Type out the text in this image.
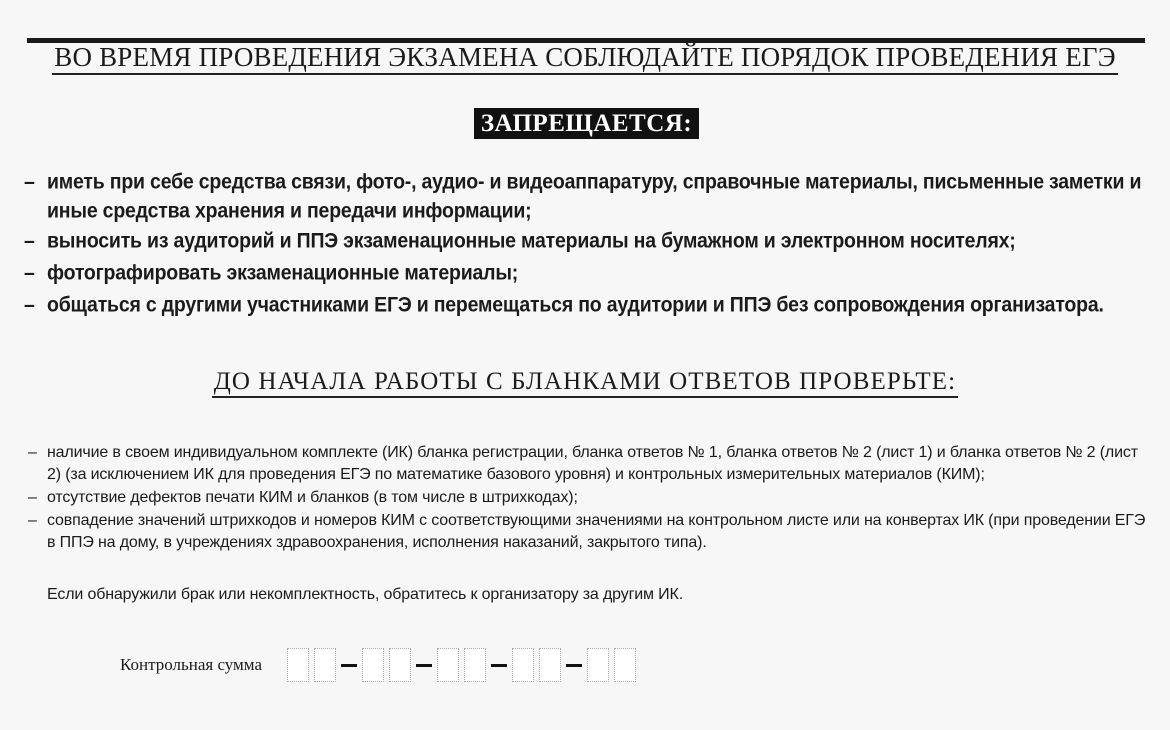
ВО ВРЕМЯ ПРОВЕДЕНИЯ ЭКЗАМЕНА СОБЛЮДАЙТЕ ПОРЯДОК ПРОВЕДЕНИЯ ЕГЭ
ЗАПРЕЩАЕТСЯ:
– иметь при себе средства связи, фото-, аудио- и видеоаппаратуру, справочные материалы, письменные заметки и иные средства хранения и передачи информации;
– выносить из аудиторий и ППЭ экзаменационные материалы на бумажном и электронном носителях;
– фотографировать экзаменационные материалы;
– общаться с другими участниками ЕГЭ и перемещаться по аудитории и ППЭ без сопровождения организатора.
ДО НАЧАЛА РАБОТЫ С БЛАНКАМИ ОТВЕТОВ ПРОВЕРЬТЕ:
– наличие в своем индивидуальном комплекте (ИК) бланка регистрации, бланка ответов № 1, бланка ответов № 2 (лист 1) и бланка ответов № 2 (лист 2) (за исключением ИК для проведения ЕГЭ по математике базового уровня) и контрольных измерительных материалов (КИМ);
– отсутствие дефектов печати КИМ и бланков (в том числе в штрихкодах);
– совпадение значений штрихкодов и номеров КИМ с соответствующими значениями на контрольном листе или на конвертах ИК (при проведении ЕГЭ в ППЭ на дому, в учреждениях здравоохранения, исполнения наказаний, закрытого типа).
Если обнаружили брак или некомплектность, обратитесь к организатору за другим ИК.
Контрольная сумма
